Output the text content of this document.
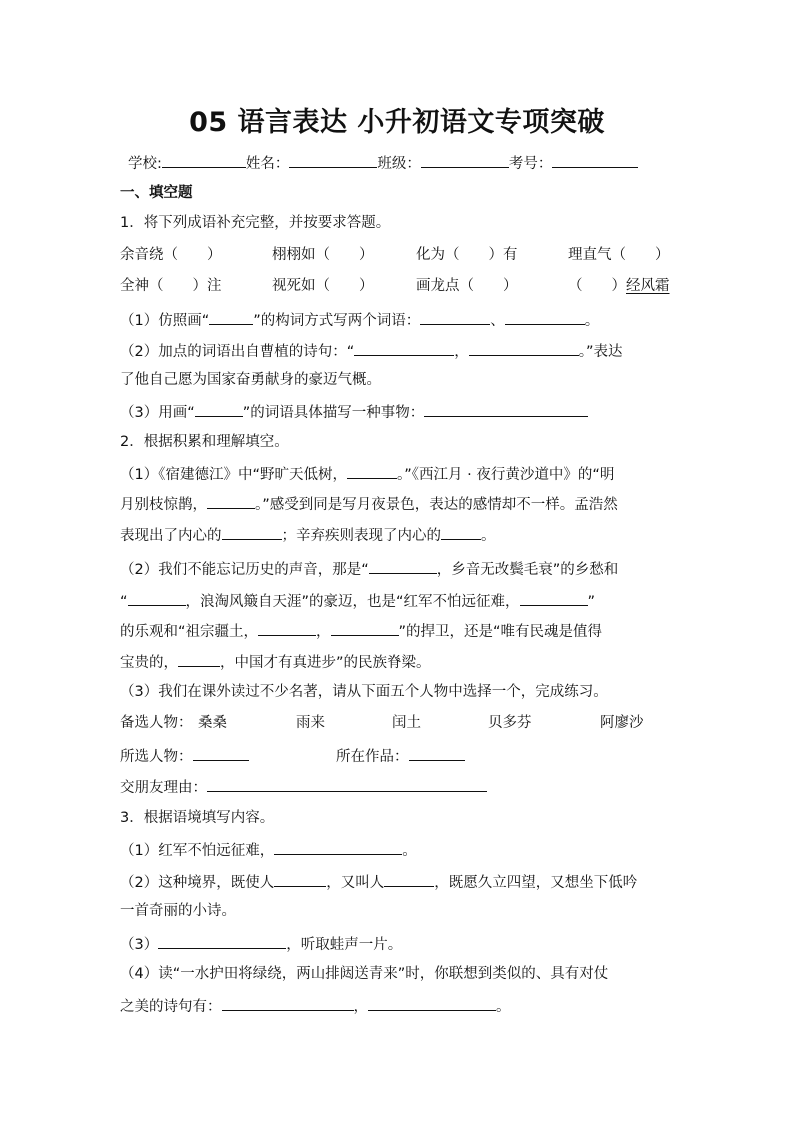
05 语言表达 小升初语文专项突破
学校:	姓名：	班级：	考号：
一、填空题
1．将下列成语补充完整，并按要求答题。
余音绕（　　）	栩栩如（　　）	化为（　　）有	理直气（　　）
全神（　　）注	视死如（　　）	画龙点（　　）	（　　）经风霜
（1）仿照画“	”的构词方式写两个词语：	、	。
（2）加点的词语出自曹植的诗句：“	，	。”表达
了他自己愿为国家奋勇献身的豪迈气概。
（3）用画“	”的词语具体描写一种事物：
2．根据积累和理解填空。
（1）《宿建德江》中“野旷天低树，	。”《西江月 · 夜行黄沙道中》的“明
月别枝惊鹊，	。”感受到同是写月夜景色，表达的感情却不一样。孟浩然
表现出了内心的	；辛弃疾则表现了内心的	。
（2）我们不能忘记历史的声音，那是“	，乡音无改鬓毛衰”的乡愁和
“	，浪淘风簸自天涯”的豪迈，也是“红军不怕远征难，	”
的乐观和“祖宗疆土，	，	”的捍卫，还是“唯有民魂是值得
宝贵的，	，中国才有真进步”的民族脊梁。
（3）我们在课外读过不少名著，请从下面五个人物中选择一个，完成练习。
备选人物： 桑桑	雨来	闰土	贝多芬	阿廖沙
所选人物：	所在作品：
交朋友理由：
3．根据语境填写内容。
（1）红军不怕远征难，	。
（2）这种境界，既使人	，又叫人	，既愿久立四望，又想坐下低吟
一首奇丽的小诗。
（3）	，听取蛙声一片。
（4）读“一水护田将绿绕，两山排闼送青来”时，你联想到类似的、具有对仗
之美的诗句有：	，	。
